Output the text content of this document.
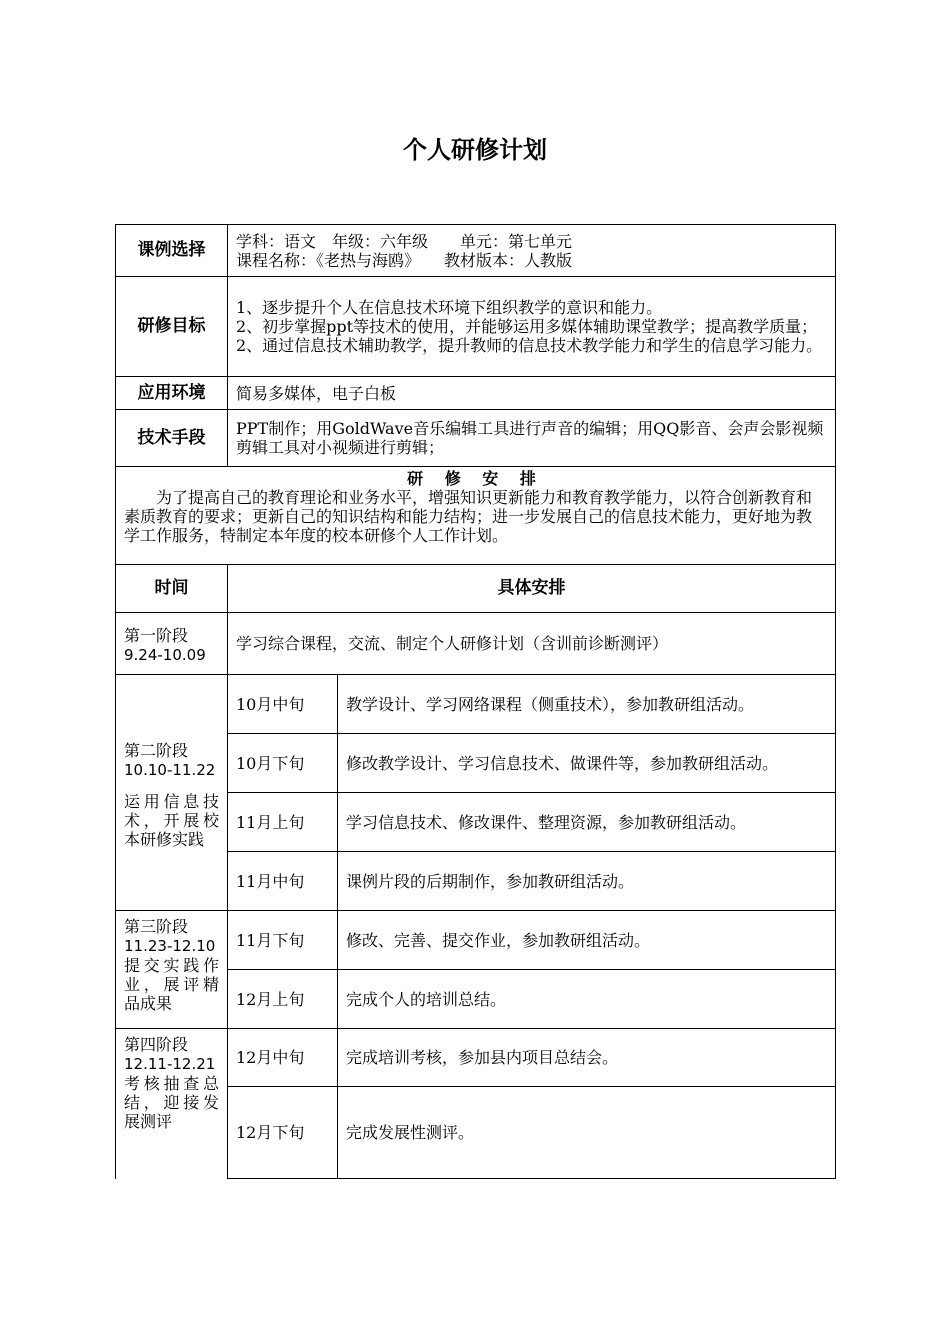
个人研修计划
课例选择	学科：语文　年级：六年级　　单元：第七单元
课程名称：《老热与海鸥》　　教材版本：人教版	

研修目标	1、逐步提升个人在信息技术环境下组织教学的意识和能力。
2、初步掌握ppt等技术的使用，并能够运用多媒体辅助课堂教学；提高教学质量；
2、通过信息技术辅助教学，提升教师的信息技术教学能力和学生的信息学习能力。	

应用环境	简易多媒体，电子白板	
技术手段	PPT制作；用GoldWave音乐编辑工具进行声音的编辑；用QQ影音、会声会影视频剪辑工具对小视频进行剪辑；	

研 修 安 排
为了提高自己的教育理论和业务水平，增强知识更新能力和教育教学能力，以符合创新教育和素质教育的要求；更新自己的知识结构和能力结构；进一步发展自己的信息技术能力，更好地为教学工作服务，特制定本年度的校本研修个人工作计划。		

时间	具体安排	

第一阶段
9.24-10.09	学习综合课程，交流、制定个人研修计划（含训前诊断测评）	

第二阶段
10.10-11.22
运用信息技术，开展校本研修实践	10月中旬	教学设计、学习网络课程（侧重技术），参加教研组活动。
	10月下旬	修改教学设计、学习信息技术、做课件等，参加教研组活动。
	11月上旬	学习信息技术、修改课件、整理资源，参加教研组活动。
	11月中旬	课例片段的后期制作，参加教研组活动。

第三阶段
11.23-12.10
提交实践作业，展评精品成果	11月下旬	修改、完善、提交作业，参加教研组活动。
	12月上旬	完成个人的培训总结。

第四阶段
12.11-12.21
考核抽查总结，迎接发展测评	12月中旬	完成培训考核，参加县内项目总结会。
	12月下旬	完成发展性测评。
